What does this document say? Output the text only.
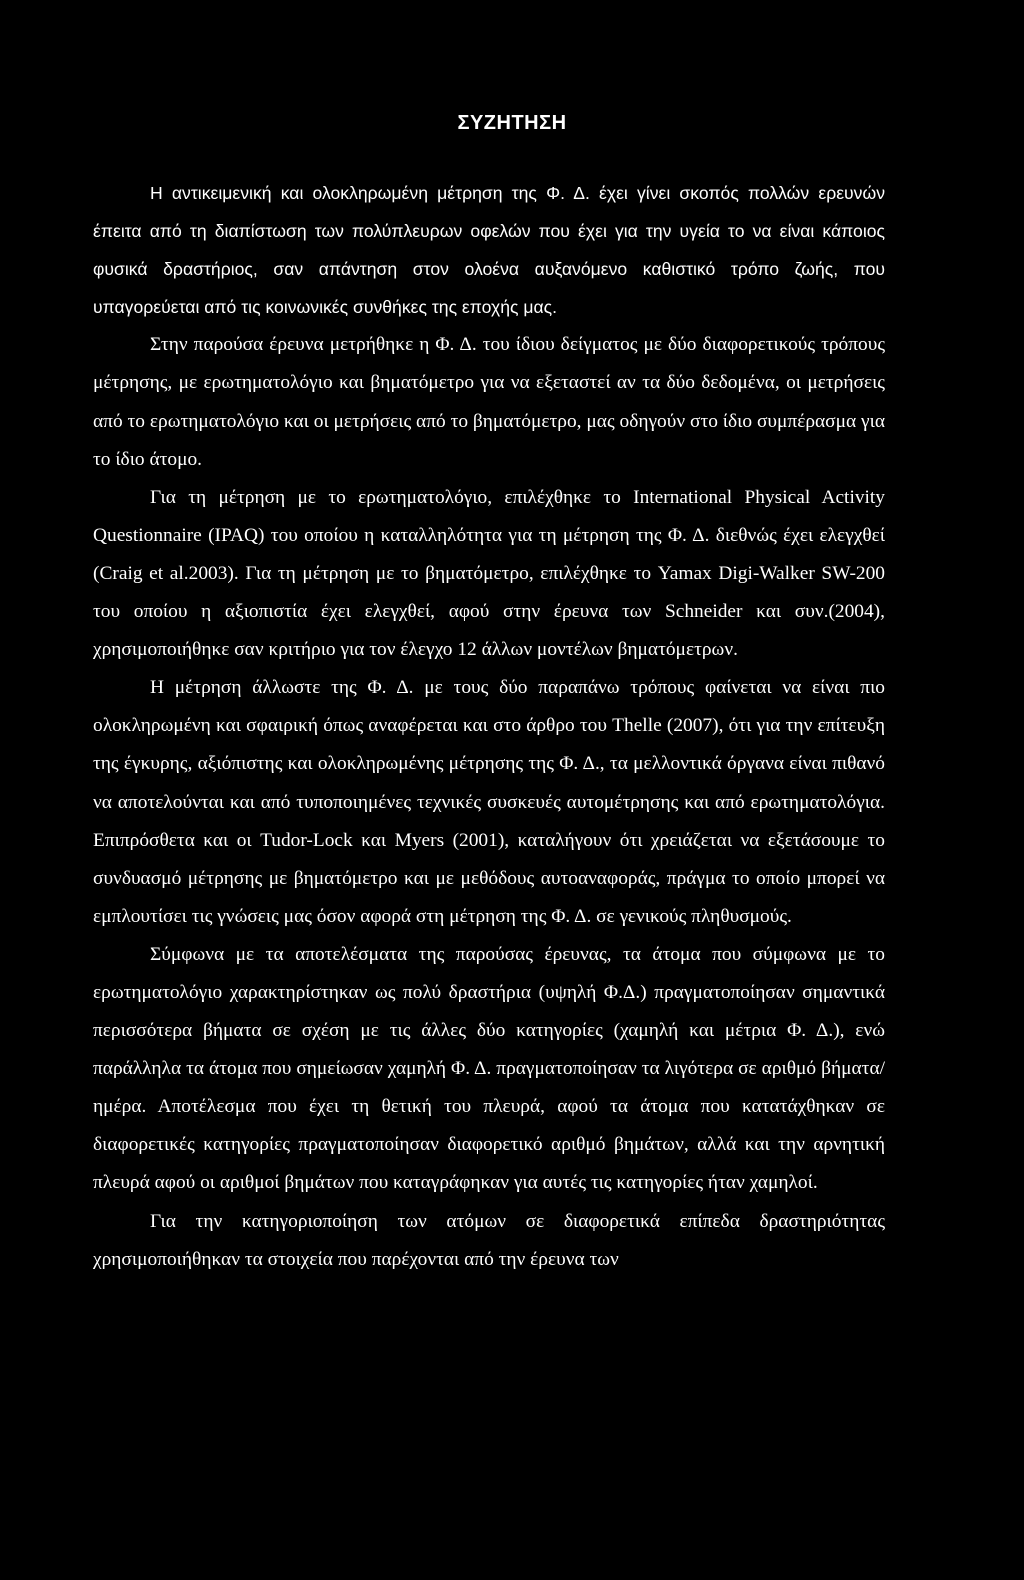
ΣΥΖΗΤΗΣΗ

Η αντικειμενική και ολοκληρωμένη μέτρηση της Φ. Δ. έχει γίνει σκοπός πολλών ερευνών έπειτα από τη διαπίστωση των πολύπλευρων οφελών που έχει για την υγεία το να είναι κάποιος φυσικά δραστήριος, σαν απάντηση στον ολοένα αυξανόμενο καθιστικό τρόπο ζωής, που υπαγορεύεται από τις κοινωνικές συνθήκες της εποχής μας.

Στην παρούσα έρευνα μετρήθηκε η Φ. Δ. του ίδιου δείγματος με δύο διαφορετικούς τρόπους μέτρησης, με ερωτηματολόγιο και βηματόμετρο για να εξεταστεί αν τα δύο δεδομένα, οι μετρήσεις από το ερωτηματολόγιο και οι μετρήσεις από το βηματόμετρο, μας οδηγούν στο ίδιο συμπέρασμα για το ίδιο άτομο.

Για τη μέτρηση με το ερωτηματολόγιο, επιλέχθηκε το International Physical Activity Questionnaire (IPAQ) του οποίου η καταλληλότητα για τη μέτρηση της Φ. Δ. διεθνώς έχει ελεγχθεί (Craig et al.2003). Για τη μέτρηση με το βηματόμετρο, επιλέχθηκε το Yamax Digi-Walker SW-200 του οποίου η αξιοπιστία έχει ελεγχθεί, αφού στην έρευνα των Schneider και συν.(2004), χρησιμοποιήθηκε σαν κριτήριο για τον έλεγχο 12 άλλων μοντέλων βηματόμετρων.

Η μέτρηση άλλωστε της Φ. Δ. με τους δύο παραπάνω τρόπους φαίνεται να είναι πιο ολοκληρωμένη και σφαιρική όπως αναφέρεται και στο άρθρο του Thelle (2007), ότι για την επίτευξη της έγκυρης, αξιόπιστης και ολοκληρωμένης μέτρησης της Φ. Δ., τα μελλοντικά όργανα είναι πιθανό να αποτελούνται και από τυποποιημένες τεχνικές συσκευές αυτομέτρησης και από ερωτηματολόγια. Επιπρόσθετα και οι Tudor-Lock και Myers (2001), καταλήγουν ότι χρειάζεται να εξετάσουμε το συνδυασμό μέτρησης με βηματόμετρο και με μεθόδους αυτοαναφοράς, πράγμα το οποίο μπορεί να εμπλουτίσει τις γνώσεις μας όσον αφορά στη μέτρηση της Φ. Δ. σε γενικούς πληθυσμούς.

Σύμφωνα με τα αποτελέσματα της παρούσας έρευνας, τα άτομα που σύμφωνα με το ερωτηματολόγιο χαρακτηρίστηκαν ως πολύ δραστήρια (υψηλή Φ.Δ.) πραγματοποίησαν σημαντικά περισσότερα βήματα σε σχέση με τις άλλες δύο κατηγορίες (χαμηλή και μέτρια Φ. Δ.), ενώ παράλληλα τα άτομα που σημείωσαν χαμηλή Φ. Δ. πραγματοποίησαν τα λιγότερα σε αριθμό βήματα/ ημέρα. Αποτέλεσμα που έχει τη θετική του πλευρά, αφού τα άτομα που κατατάχθηκαν σε διαφορετικές κατηγορίες πραγματοποίησαν διαφορετικό αριθμό βημάτων, αλλά και την αρνητική πλευρά αφού οι αριθμοί βημάτων που καταγράφηκαν για αυτές τις κατηγορίες ήταν χαμηλοί.

Για την κατηγοριοποίηση των ατόμων σε διαφορετικά επίπεδα δραστηριότητας χρησιμοποιήθηκαν τα στοιχεία που παρέχονται από την έρευνα των
